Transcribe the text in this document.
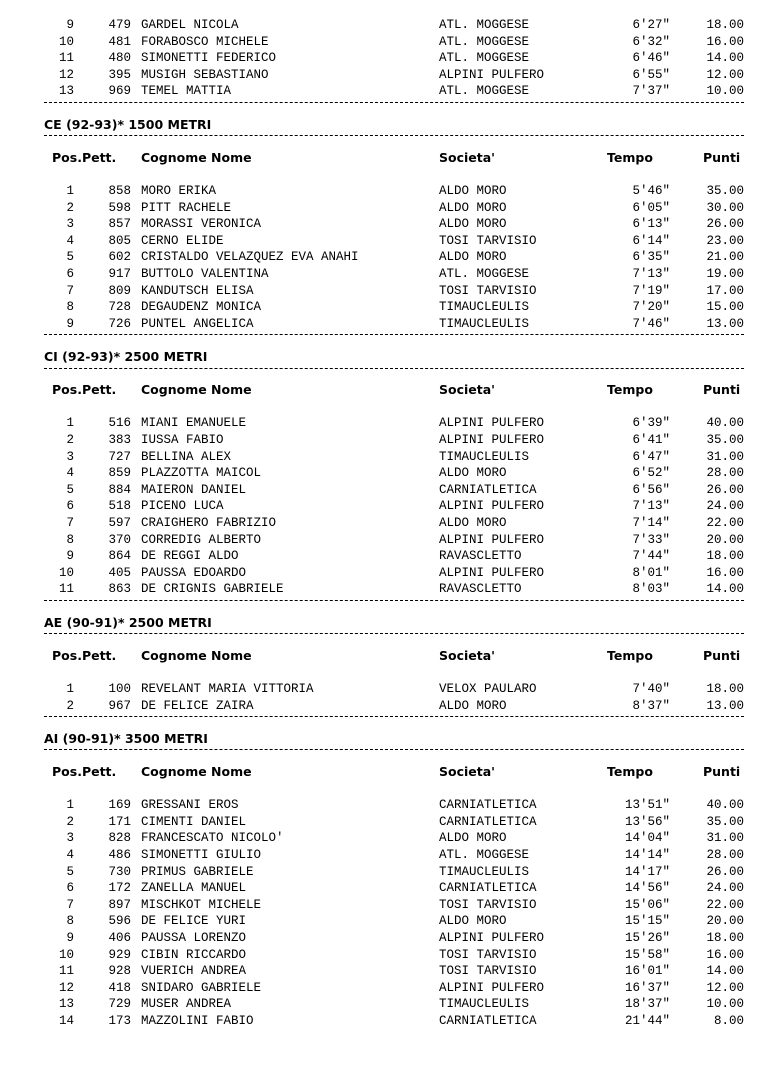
9	479 GARDEL NICOLA	ATL. MOGGESE	6'27"	18.00
10	481 FORABOSCO MICHELE	ATL. MOGGESE	6'32"	16.00
11	480 SIMONETTI FEDERICO	ATL. MOGGESE	6'46"	14.00
12	395 MUSIGH SEBASTIANO	ALPINI PULFERO	6'55"	12.00
13	969 TEMEL MATTIA	ATL. MOGGESE	7'37"	10.00
CE (92-93)* 1500 METRI
Pos.Pett. Cognome Nome	Societa'	Tempo	Punti
1	858 MORO ERIKA	ALDO MORO	5'46"	35.00
2	598 PITT RACHELE	ALDO MORO	6'05"	30.00
3	857 MORASSI VERONICA	ALDO MORO	6'13"	26.00
4	805 CERNO ELIDE	TOSI TARVISIO	6'14"	23.00
5	602 CRISTALDO VELAZQUEZ EVA ANAHI	ALDO MORO	6'35"	21.00
6	917 BUTTOLO VALENTINA	ATL. MOGGESE	7'13"	19.00
7	809 KANDUTSCH ELISA	TOSI TARVISIO	7'19"	17.00
8	728 DEGAUDENZ MONICA	TIMAUCLEULIS	7'20"	15.00
9	726 PUNTEL ANGELICA	TIMAUCLEULIS	7'46"	13.00
CI (92-93)* 2500 METRI
Pos.Pett. Cognome Nome	Societa'	Tempo	Punti
1	516 MIANI EMANUELE	ALPINI PULFERO	6'39"	40.00
2	383 IUSSA FABIO	ALPINI PULFERO	6'41"	35.00
3	727 BELLINA ALEX	TIMAUCLEULIS	6'47"	31.00
4	859 PLAZZOTTA MAICOL	ALDO MORO	6'52"	28.00
5	884 MAIERON DANIEL	CARNIATLETICA	6'56"	26.00
6	518 PICENO LUCA	ALPINI PULFERO	7'13"	24.00
7	597 CRAIGHERO FABRIZIO	ALDO MORO	7'14"	22.00
8	370 CORREDIG ALBERTO	ALPINI PULFERO	7'33"	20.00
9	864 DE REGGI ALDO	RAVASCLETTO	7'44"	18.00
10	405 PAUSSA EDOARDO	ALPINI PULFERO	8'01"	16.00
11	863 DE CRIGNIS GABRIELE	RAVASCLETTO	8'03"	14.00
AE (90-91)* 2500 METRI
Pos.Pett. Cognome Nome	Societa'	Tempo	Punti
1	100 REVELANT MARIA VITTORIA	VELOX PAULARO	7'40"	18.00
2	967 DE FELICE ZAIRA	ALDO MORO	8'37"	13.00
AI (90-91)* 3500 METRI
Pos.Pett. Cognome Nome	Societa'	Tempo	Punti
1	169 GRESSANI EROS	CARNIATLETICA	13'51"	40.00
2	171 CIMENTI DANIEL	CARNIATLETICA	13'56"	35.00
3	828 FRANCESCATO NICOLO'	ALDO MORO	14'04"	31.00
4	486 SIMONETTI GIULIO	ATL. MOGGESE	14'14"	28.00
5	730 PRIMUS GABRIELE	TIMAUCLEULIS	14'17"	26.00
6	172 ZANELLA MANUEL	CARNIATLETICA	14'56"	24.00
7	897 MISCHKOT MICHELE	TOSI TARVISIO	15'06"	22.00
8	596 DE FELICE YURI	ALDO MORO	15'15"	20.00
9	406 PAUSSA LORENZO	ALPINI PULFERO	15'26"	18.00
10	929 CIBIN RICCARDO	TOSI TARVISIO	15'58"	16.00
11	928 VUERICH ANDREA	TOSI TARVISIO	16'01"	14.00
12	418 SNIDARO GABRIELE	ALPINI PULFERO	16'37"	12.00
13	729 MUSER ANDREA	TIMAUCLEULIS	18'37"	10.00
14	173 MAZZOLINI FABIO	CARNIATLETICA	21'44"	8.00
